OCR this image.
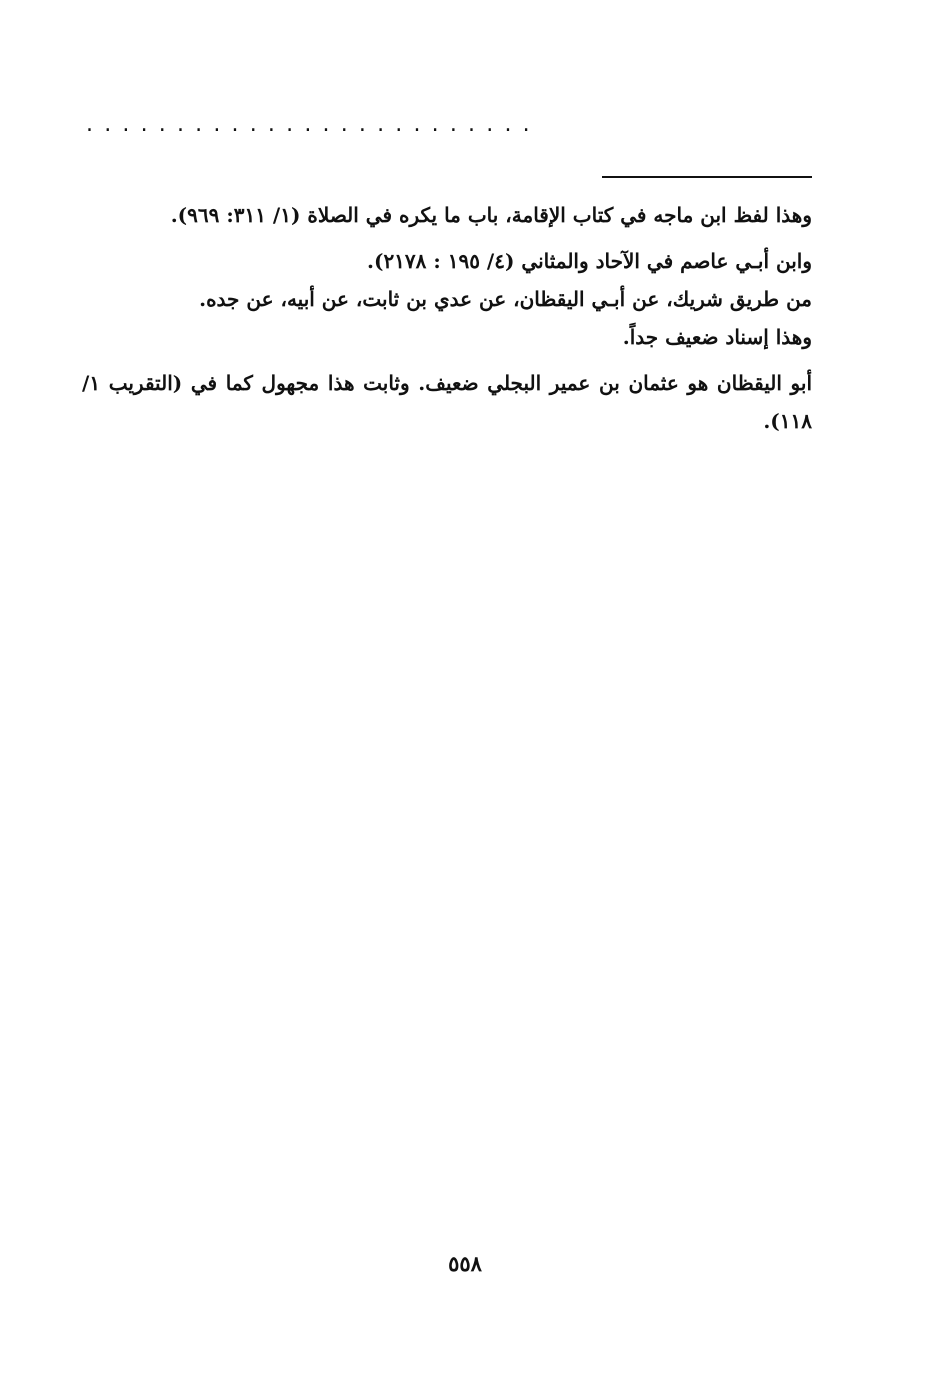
.........................

وهذا لفظ ابن ماجه في كتاب الإقامة، باب ما يكره في الصلاة (١/ ٣١١: ٩٦٩).

وابن أبـي عاصم في الآحاد والمثاني (٤/ ١٩٥ : ٢١٧٨).

من طريق شريك، عن أبـي اليقظان، عن عدي بن ثابت، عن أبيه، عن جده.

وهذا إسناد ضعيف جداً.

أبو اليقظان هو عثمان بن عمير البجلي ضعيف. وثابت هذا مجهول كما في (التقريب ١/ ١١٨).

٥٥٨
